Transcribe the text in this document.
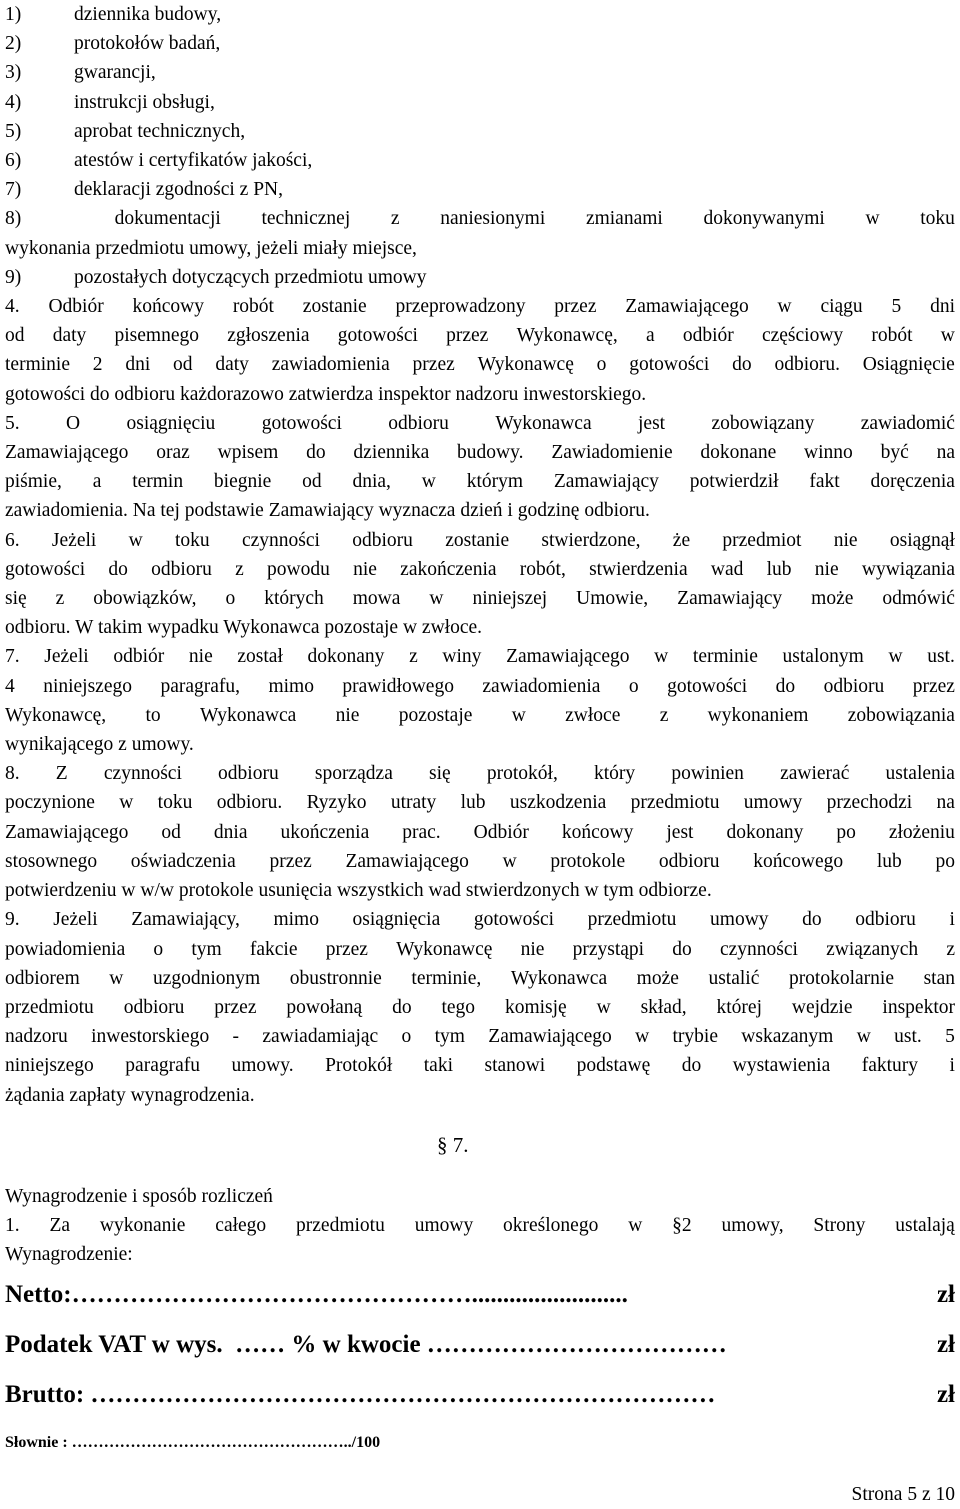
1)	dziennika budowy,
2)	protokołów badań,
3)	gwarancji,
4)	instrukcji obsługi,
5)	aprobat technicznych,
6)	atestów i certyfikatów jakości,
7)	deklaracji zgodności z PN,
8)	dokumentacji technicznej z naniesionymi zmianami dokonywanymi w toku
wykonania przedmiotu umowy, jeżeli miały miejsce,
9)	pozostałych dotyczących przedmiotu umowy
4. Odbiór końcowy robót zostanie przeprowadzony przez Zamawiającego w ciągu 5 dni
od daty pisemnego zgłoszenia gotowości przez Wykonawcę, a odbiór częściowy robót w
terminie 2 dni od daty zawiadomienia przez Wykonawcę o gotowości do odbioru. Osiągnięcie
gotowości do odbioru każdorazowo zatwierdza inspektor nadzoru inwestorskiego.
5. O osiągnięciu gotowości odbioru Wykonawca jest zobowiązany zawiadomić
Zamawiającego oraz wpisem do dziennika budowy. Zawiadomienie dokonane winno być na
piśmie, a termin biegnie od dnia, w którym Zamawiający potwierdził fakt doręczenia
zawiadomienia. Na tej podstawie Zamawiający wyznacza dzień i godzinę odbioru.
6. Jeżeli w toku czynności odbioru zostanie stwierdzone, że przedmiot nie osiągnął
gotowości do odbioru z powodu nie zakończenia robót, stwierdzenia wad lub nie wywiązania
się z obowiązków, o których mowa w niniejszej Umowie, Zamawiający może odmówić
odbioru. W takim wypadku Wykonawca pozostaje w zwłoce.
7. Jeżeli odbiór nie został dokonany z winy Zamawiającego w terminie ustalonym w ust.
4 niniejszego paragrafu, mimo prawidłowego zawiadomienia o gotowości do odbioru przez
Wykonawcę, to Wykonawca nie pozostaje w zwłoce z wykonaniem zobowiązania
wynikającego z umowy.
8. Z czynności odbioru sporządza się protokół, który powinien zawierać ustalenia
poczynione w toku odbioru. Ryzyko utraty lub uszkodzenia przedmiotu umowy przechodzi na
Zamawiającego od dnia ukończenia prac. Odbiór końcowy jest dokonany po złożeniu
stosownego oświadczenia przez Zamawiającego w protokole odbioru końcowego lub po
potwierdzeniu w w/w protokole usunięcia wszystkich wad stwierdzonych w tym odbiorze.
9. Jeżeli Zamawiający, mimo osiągnięcia gotowości przedmiotu umowy do odbioru i
powiadomienia o tym fakcie przez Wykonawcę nie przystąpi do czynności związanych z
odbiorem w uzgodnionym obustronnie terminie, Wykonawca może ustalić protokolarnie stan
przedmiotu odbioru przez powołaną do tego komisję w skład, której wejdzie inspektor
nadzoru inwestorskiego - zawiadamiając o tym Zamawiającego w trybie wskazanym w ust. 5
niniejszego paragrafu umowy. Protokół taki stanowi podstawę do wystawienia faktury i
żądania zapłaty wynagrodzenia.
§ 7.
Wynagrodzenie i sposób rozliczeń
1. Za wykonanie całego przedmiotu umowy określonego w §2 umowy, Strony ustalają
Wynagrodzenie:
Netto: ………………………………………….........................	zł
Podatek VAT w wys.  …… % w kwocie ………………………………	zł
Brutto: …………………………………………………………………	zł
Słownie : ……………………………………………../100
Strona 5 z 10
